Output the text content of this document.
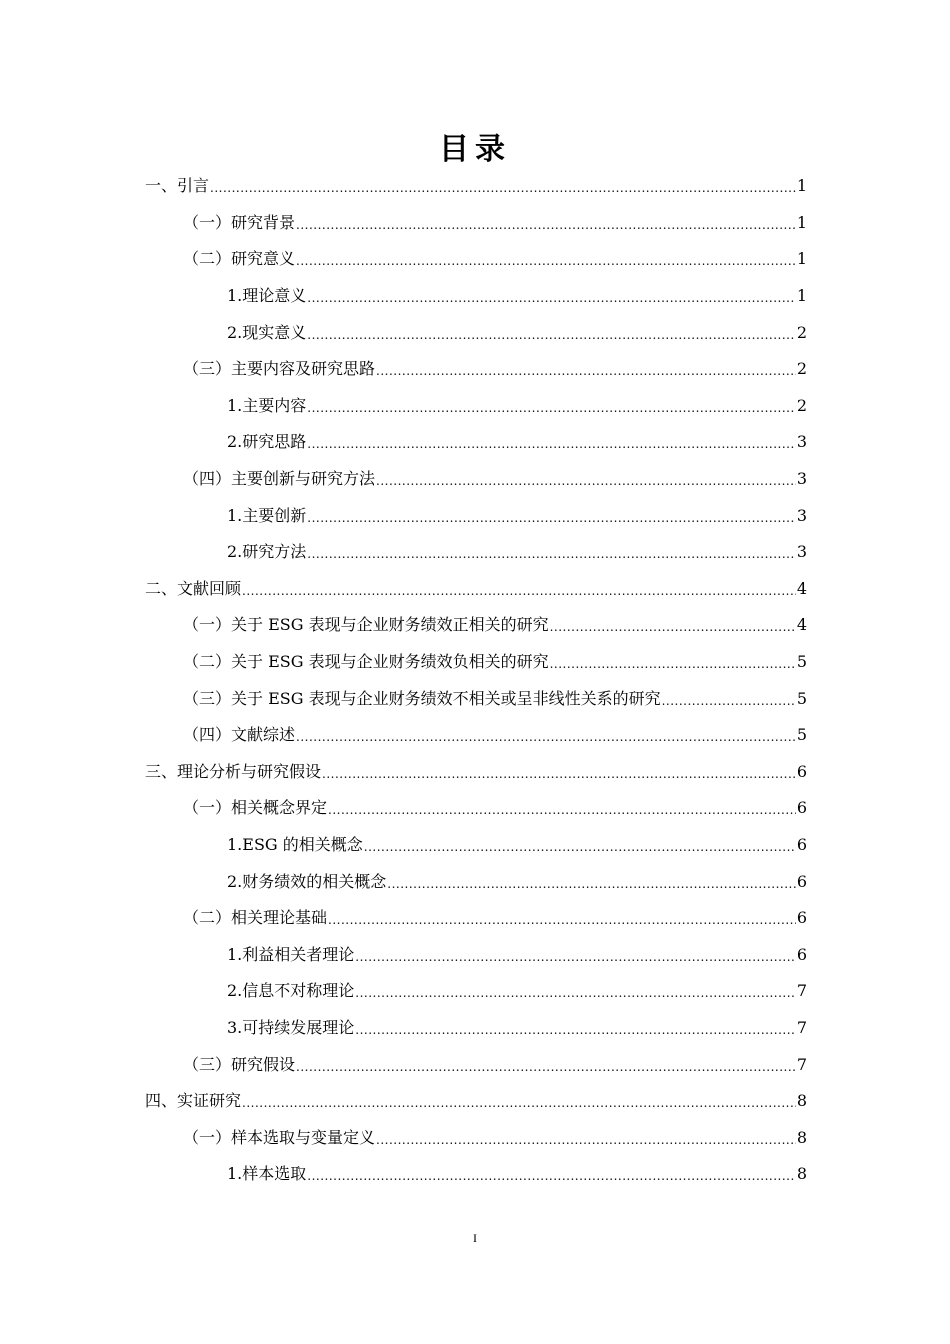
目录
一、引言 .....	1
（一）研究背景 .....	1
（二）研究意义 .....	1
1.理论意义 .....	1
2.现实意义 .....	2
（三）主要内容及研究思路 .....	2
1.主要内容 .....	2
2.研究思路 .....	3
（四）主要创新与研究方法 .....	3
1.主要创新 .....	3
2.研究方法 .....	3
二、文献回顾 .....	4
（一）关于 ESG 表现与企业财务绩效正相关的研究 .....	4
（二）关于 ESG 表现与企业财务绩效负相关的研究 .....	5
（三）关于 ESG 表现与企业财务绩效不相关或呈非线性关系的研究 .....	5
（四）文献综述 .....	5
三、理论分析与研究假设 .....	6
（一）相关概念界定 .....	6
1.ESG 的相关概念 .....	6
2.财务绩效的相关概念 .....	6
（二）相关理论基础 .....	6
1.利益相关者理论 .....	6
2.信息不对称理论 .....	7
3.可持续发展理论 .....	7
（三）研究假设 .....	7
四、实证研究 .....	8
（一）样本选取与变量定义 .....	8
1.样本选取 .....	8
I
